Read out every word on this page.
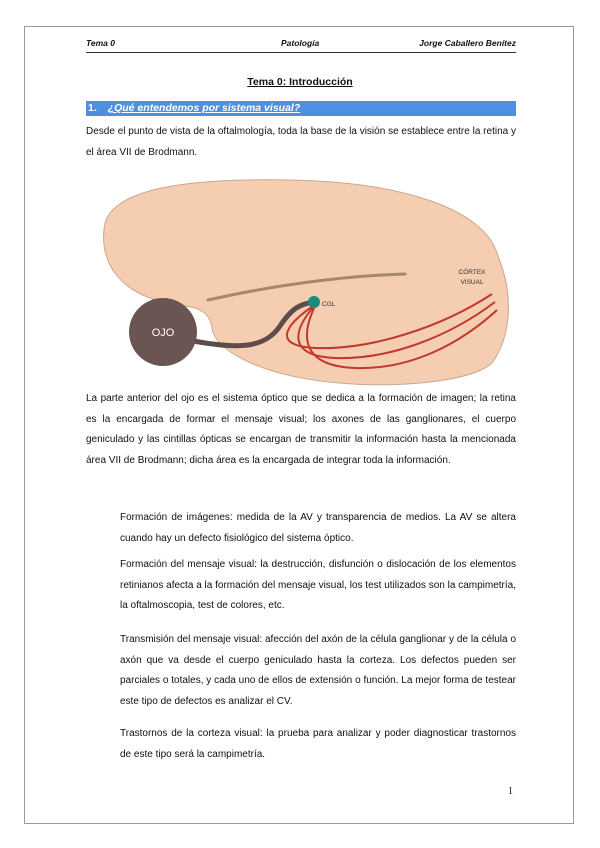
Tema 0	Patología	Jorge Caballero Benítez
Tema 0: Introducción
1. ¿Qué entendemos por sistema visual?

Desde el punto de vista de la oftalmología, toda la base de la visión se establece entre la retina y el área VII de Brodmann.

OJO
CGL
CÓRTEX
VISUAL

La parte anterior del ojo es el sistema óptico que se dedica a la formación de imagen; la retina es la encargada de formar el mensaje visual; los axones de las ganglionares, el cuerpo geniculado y las cintillas ópticas se encargan de transmitir la información hasta la mencionada área VII de Brodmann; dicha área es la encargada de integrar toda la información.

Formación de imágenes: medida de la AV y transparencia de medios. La AV se altera cuando hay un defecto fisiológico del sistema óptico.

Formación del mensaje visual: la destrucción, disfunción o dislocación de los elementos retinianos afecta a la formación del mensaje visual, los test utilizados son la campimetría, la oftalmoscopia, test de colores, etc.

Transmisión del mensaje visual: afección del axón de la célula ganglionar y de la célula o axón que va desde el cuerpo geniculado hasta la corteza. Los defectos pueden ser parciales o totales, y cada uno de ellos de extensión o función. La mejor forma de testear este tipo de defectos es analizar el CV.

Trastornos de la corteza visual: la prueba para analizar y poder diagnosticar trastornos de este tipo será la campimetría.

1
